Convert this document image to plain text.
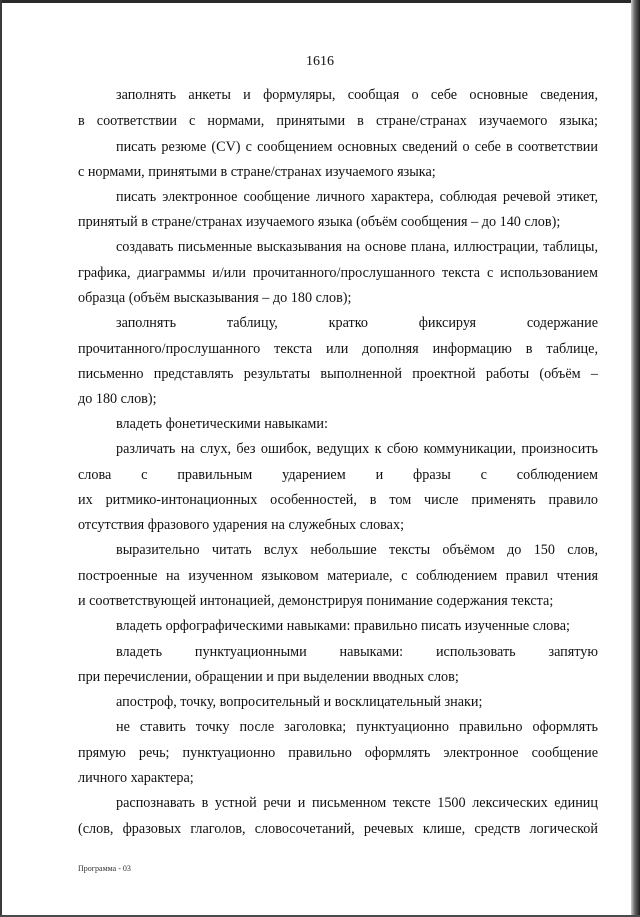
1616
заполнять анкеты и формуляры, сообщая о себе основные сведения,
в соответствии с нормами, принятыми в стране/странах изучаемого языка;
писать резюме (CV) с сообщением основных сведений о себе в соответствии
с нормами, принятыми в стране/странах изучаемого языка;
писать электронное сообщение личного характера, соблюдая речевой этикет,
принятый в стране/странах изучаемого языка (объём сообщения – до 140 слов);
создавать письменные высказывания на основе плана, иллюстрации, таблицы,
графика, диаграммы и/или прочитанного/прослушанного текста с использованием
образца (объём высказывания – до 180 слов);
заполнять таблицу, кратко фиксируя содержание
прочитанного/прослушанного текста или дополняя информацию в таблице,
письменно представлять результаты выполненной проектной работы (объём –
до 180 слов);
владеть фонетическими навыками:
различать на слух, без ошибок, ведущих к сбою коммуникации, произносить
слова с правильным ударением и фразы с соблюдением
их ритмико-интонационных особенностей, в том числе применять правило
отсутствия фразового ударения на служебных словах;
выразительно читать вслух небольшие тексты объёмом до 150 слов,
построенные на изученном языковом материале, с соблюдением правил чтения
и соответствующей интонацией, демонстрируя понимание содержания текста;
владеть орфографическими навыками: правильно писать изученные слова;
владеть пунктуационными навыками: использовать запятую
при перечислении, обращении и при выделении вводных слов;
апостроф, точку, вопросительный и восклицательный знаки;
не ставить точку после заголовка; пунктуационно правильно оформлять
прямую речь; пунктуационно правильно оформлять электронное сообщение
личного характера;
распознавать в устной речи и письменном тексте 1500 лексических единиц
(слов, фразовых глаголов, словосочетаний, речевых клише, средств логической
Программа - 03
